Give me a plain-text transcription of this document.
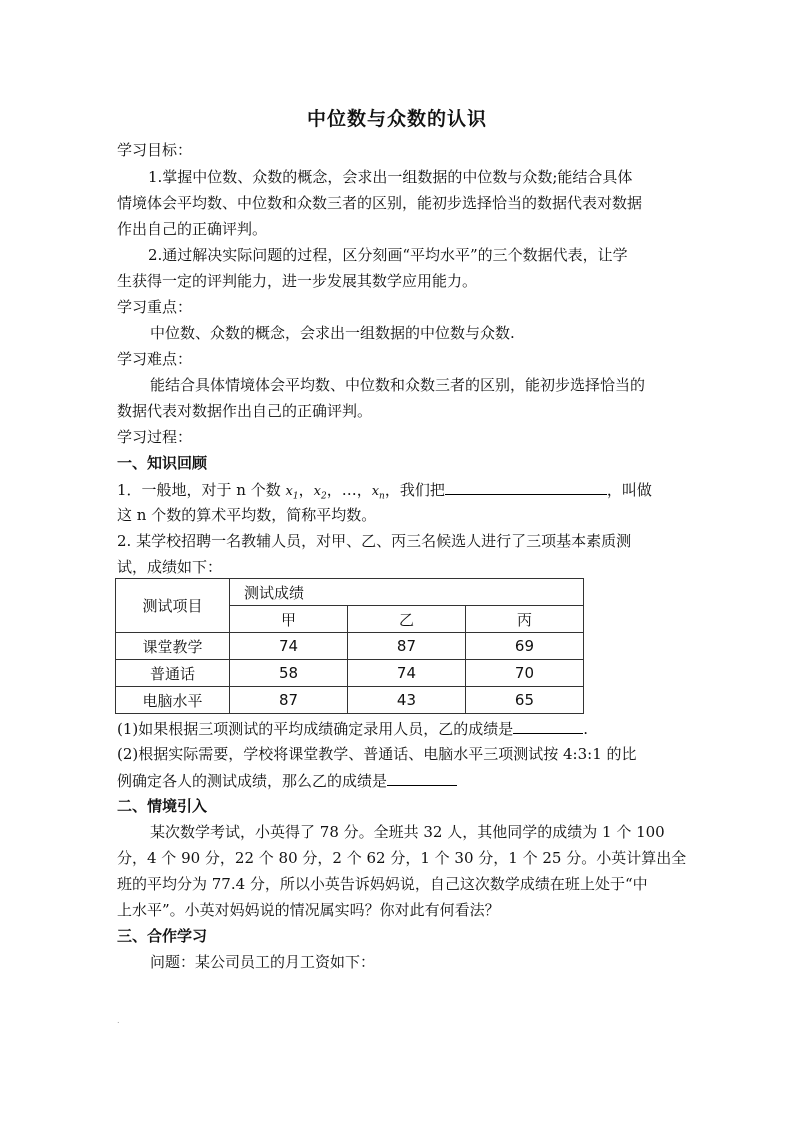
中位数与众数的认识
学习目标：
1.掌握中位数、众数的概念，会求出一组数据的中位数与众数;能结合具体
情境体会平均数、中位数和众数三者的区别，能初步选择恰当的数据代表对数据
作出自己的正确评判。
2.通过解决实际问题的过程，区分刻画“平均水平”的三个数据代表，让学
生获得一定的评判能力，进一步发展其数学应用能力。
学习重点：
中位数、众数的概念，会求出一组数据的中位数与众数.
学习难点：
能结合具体情境体会平均数、中位数和众数三者的区别，能初步选择恰当的
数据代表对数据作出自己的正确评判。
学习过程：
一、知识回顾
1．一般地，对于 n 个数 $x_1$，$x_2$，…，$x_n$，我们把	，叫做
这 n 个数的算术平均数，简称平均数。
2. 某学校招聘一名教辅人员，对甲、乙、丙三名候选人进行了三项基本素质测
试，成绩如下：
测试项目	测试成绩		
	甲	乙	丙
课堂教学	74	87	69
普通话	58	74	70
电脑水平	87	43	65
(1)如果根据三项测试的平均成绩确定录用人员，乙的成绩是	.
(2)根据实际需要，学校将课堂教学、普通话、电脑水平三项测试按 4:3:1 的比
例确定各人的测试成绩，那么乙的成绩是
二、情境引入
某次数学考试，小英得了 78 分。全班共 32 人，其他同学的成绩为 1 个 100
分，4 个 90 分，22 个 80 分，2 个 62 分，1 个 30 分，1 个 25 分。小英计算出全
班的平均分为 77.4 分，所以小英告诉妈妈说，自己这次数学成绩在班上处于“中
上水平”。小英对妈妈说的情况属实吗？你对此有何看法？
三、合作学习
问题：某公司员工的月工资如下：
.
